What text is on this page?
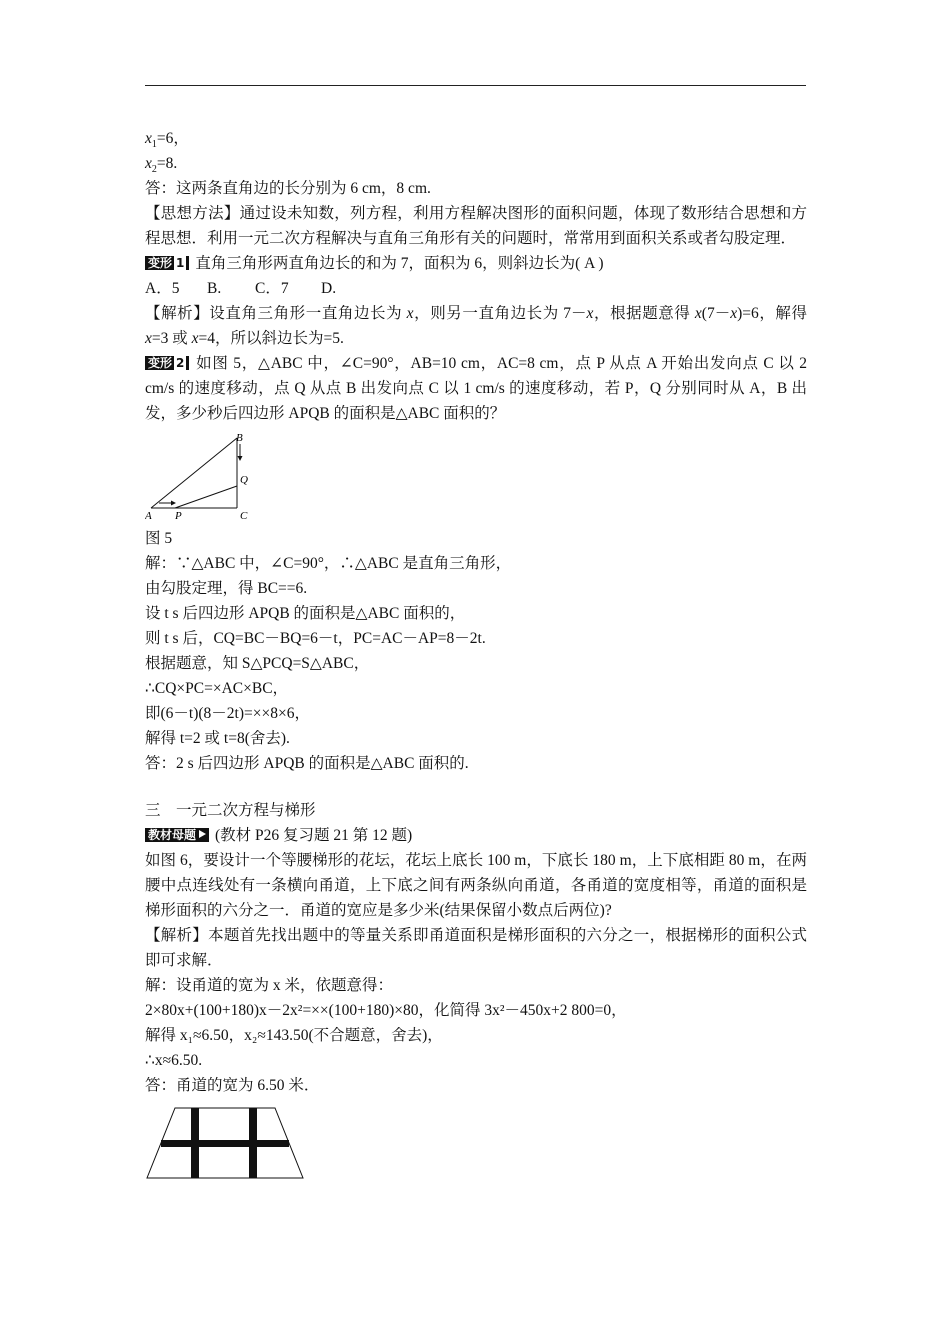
$x_1=6$，

$x_2=8$.

答：这两条直角边的长分别为 6 cm，8 cm.

【思想方法】通过设未知数，列方程，利用方程解决图形的面积问题，体现了数形结合思想和方程思想．利用一元二次方程解决与直角三角形有关的问题时，常常用到面积关系或者勾股定理．

变形 1 直角三角形两直角边长的和为 7，面积为 6，则斜边长为( A )

A．5 B. C．7 D.

【解析】设直角三角形一直角边长为 x，则另一直角边长为 7－x，根据题意得 x(7－x)=6，解得x=3 或 x=4，所以斜边长为=5.

变形 2 如图 5，△ABC 中，∠C=90°，AB=10 cm，AC=8 cm，点 P 从点 A 开始出发向点 C 以 2 cm/s 的速度移动，点 Q 从点 B 出发向点 C 以 1 cm/s 的速度移动，若 P，Q 分别同时从 A，B 出发，多少秒后四边形 APQB 的面积是△ABC 面积的？

A P	C
B
Q

图 5

解：∵△ABC 中，∠C=90°，∴△ABC 是直角三角形，

由勾股定理，得 BC==6.

设 t s 后四边形 APQB 的面积是△ABC 面积的，

则 t s 后，CQ=BC－BQ=6－t，PC=AC－AP=8－2t.

根据题意，知 S△PCQ=S△ABC，

∴CQ×PC=×AC×BC，

即(6－t)(8－2t)=××8×6，

解得 t=2 或 t=8(舍去).

答：2 s 后四边形 APQB 的面积是△ABC 面积的.

三　一元二次方程与梯形

教材母题 (教材 P26 复习题 21 第 12 题)

如图 6，要设计一个等腰梯形的花坛，花坛上底长 100 m，下底长 180 m，上下底相距 80 m，在两腰中点连线处有一条横向甬道，上下底之间有两条纵向甬道，各甬道的宽度相等，甬道的面积是梯形面积的六分之一．甬道的宽应是多少米(结果保留小数点后两位)?

【解析】本题首先找出题中的等量关系即甬道面积是梯形面积的六分之一，根据梯形的面积公式即可求解．

解：设甬道的宽为 x 米，依题意得：

2×80x+(100+180)x－2x²=××(100+180)×80，化简得 3x²－450x+2 800=0，

解得 x₁≈6.50，x₂≈143.50(不合题意，舍去)，

∴x≈6.50.

答：甬道的宽为 6.50 米．
